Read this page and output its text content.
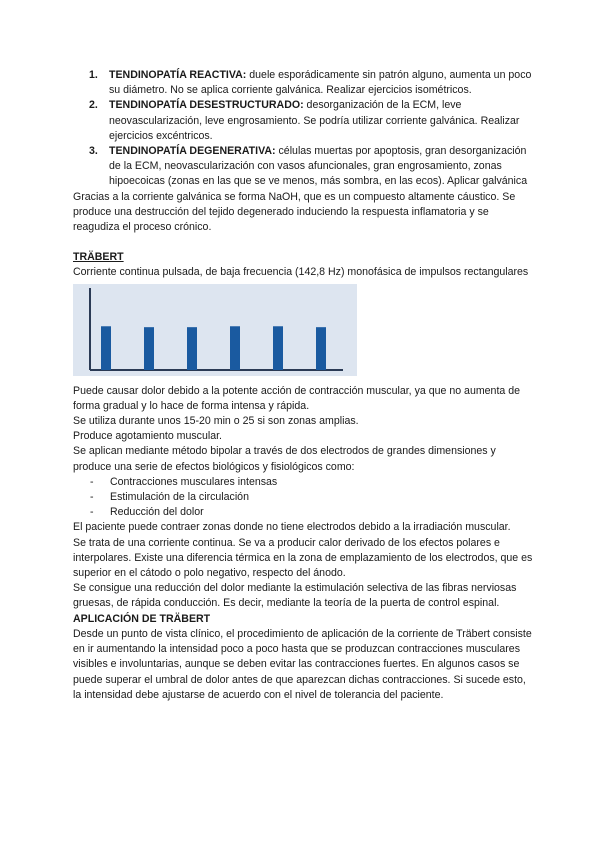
1. TENDINOPATÍA REACTIVA: duele esporádicamente sin patrón alguno, aumenta un poco su diámetro. No se aplica corriente galvánica. Realizar ejercicios isométricos.
2. TENDINOPATÍA DESESTRUCTURADO: desorganización de la ECM, leve neovascularización, leve engrosamiento. Se podría utilizar corriente galvánica. Realizar ejercicios excéntricos.
3. TENDINOPATÍA DEGENERATIVA: células muertas por apoptosis, gran desorganización de la ECM, neovascularización con vasos afuncionales, gran engrosamiento, zonas hipoecoicas (zonas en las que se ve menos, más sombra, en las ecos). Aplicar galvánica

Gracias a la corriente galvánica se forma NaOH, que es un compuesto altamente cáustico. Se produce una destrucción del tejido degenerado induciendo la respuesta inflamatoria y se reagudiza el proceso crónico.

TRÄBERT

Corriente continua pulsada, de baja frecuencia (142,8 Hz) monofásica de impulsos rectangulares

Puede causar dolor debido a la potente acción de contracción muscular, ya que no aumenta de forma gradual y lo hace de forma intensa y rápida.

Se utiliza durante unos 15-20 min o 25 si son zonas amplias.

Produce agotamiento muscular.

Se aplican mediante método bipolar a través de dos electrodos de grandes dimensiones y produce una serie de efectos biológicos y fisiológicos como:

- Contracciones musculares intensas
- Estimulación de la circulación
- Reducción del dolor

El paciente puede contraer zonas donde no tiene electrodos debido a la irradiación muscular.

Se trata de una corriente continua. Se va a producir calor derivado de los efectos polares e interpolares. Existe una diferencia térmica en la zona de emplazamiento de los electrodos, que es superior en el cátodo o polo negativo, respecto del ánodo.

Se consigue una reducción del dolor mediante la estimulación selectiva de las fibras nerviosas gruesas, de rápida conducción. Es decir, mediante la teoría de la puerta de control espinal.

APLICACIÓN DE TRÄBERT

Desde un punto de vista clínico, el procedimiento de aplicación de la corriente de Träbert consiste en ir aumentando la intensidad poco a poco hasta que se produzcan contracciones musculares visibles e involuntarias, aunque se deben evitar las contracciones fuertes. En algunos casos se puede superar el umbral de dolor antes de que aparezcan dichas contracciones. Si sucede esto, la intensidad debe ajustarse de acuerdo con el nivel de tolerancia del paciente.
